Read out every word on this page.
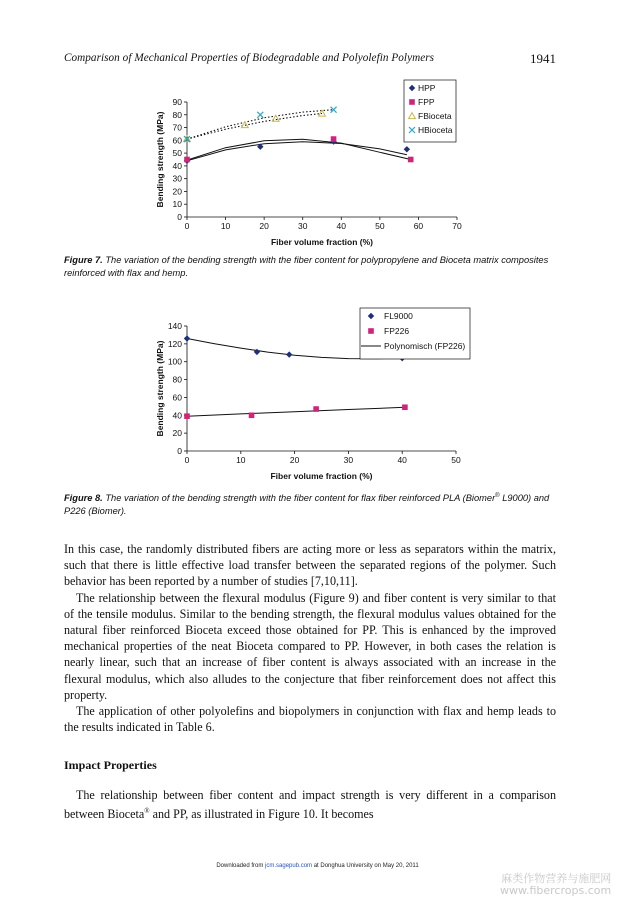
Comparison of Mechanical Properties of Biodegradable and Polyolefin Polymers	1941
0	10	20	30	40	50	60	70
0
10
20
30
40
50
60
70
80
90
Fiber volume fraction (%)
Bending strength (MPa)
HPP
FPP
FBioceta
HBioceta
Figure 7. The variation of the bending strength with the fiber content for polypropylene and Bioceta matrix composites reinforced with flax and hemp.
0	10	20	30	40	50
0
20
40
60
80
100
120
140
Fiber volume fraction (%)
Bending strength (MPa)
FL9000
FP226
Polynomisch (FP226)
Figure 8. The variation of the bending strength with the fiber content for flax fiber reinforced PLA (Biomer® L9000) and P226 (Biomer).

In this case, the randomly distributed fibers are acting more or less as separators within the matrix, such that there is little effective load transfer between the separated regions of the polymer. Such behavior has been reported by a number of studies [7,10,11].

The relationship between the flexural modulus (Figure 9) and fiber content is very similar to that of the tensile modulus. Similar to the bending strength, the flexural modulus values obtained for the natural fiber reinforced Bioceta exceed those obtained for PP. This is enhanced by the improved mechanical properties of the neat Bioceta compared to PP. However, in both cases the relation is nearly linear, such that an increase of fiber content is always associated with an increase in the flexural modulus, which also alludes to the conjecture that fiber reinforcement does not affect this property.

The application of other polyolefins and biopolymers in conjunction with flax and hemp leads to the results indicated in Table 6.

Impact Properties
The relationship between fiber content and impact strength is very different in a comparison between Bioceta® and PP, as illustrated in Figure 10. It becomes
Downloaded from jcm.sagepub.com at Donghua University on May 20, 2011
麻类作物营养与施肥网
www.fibercrops.com
